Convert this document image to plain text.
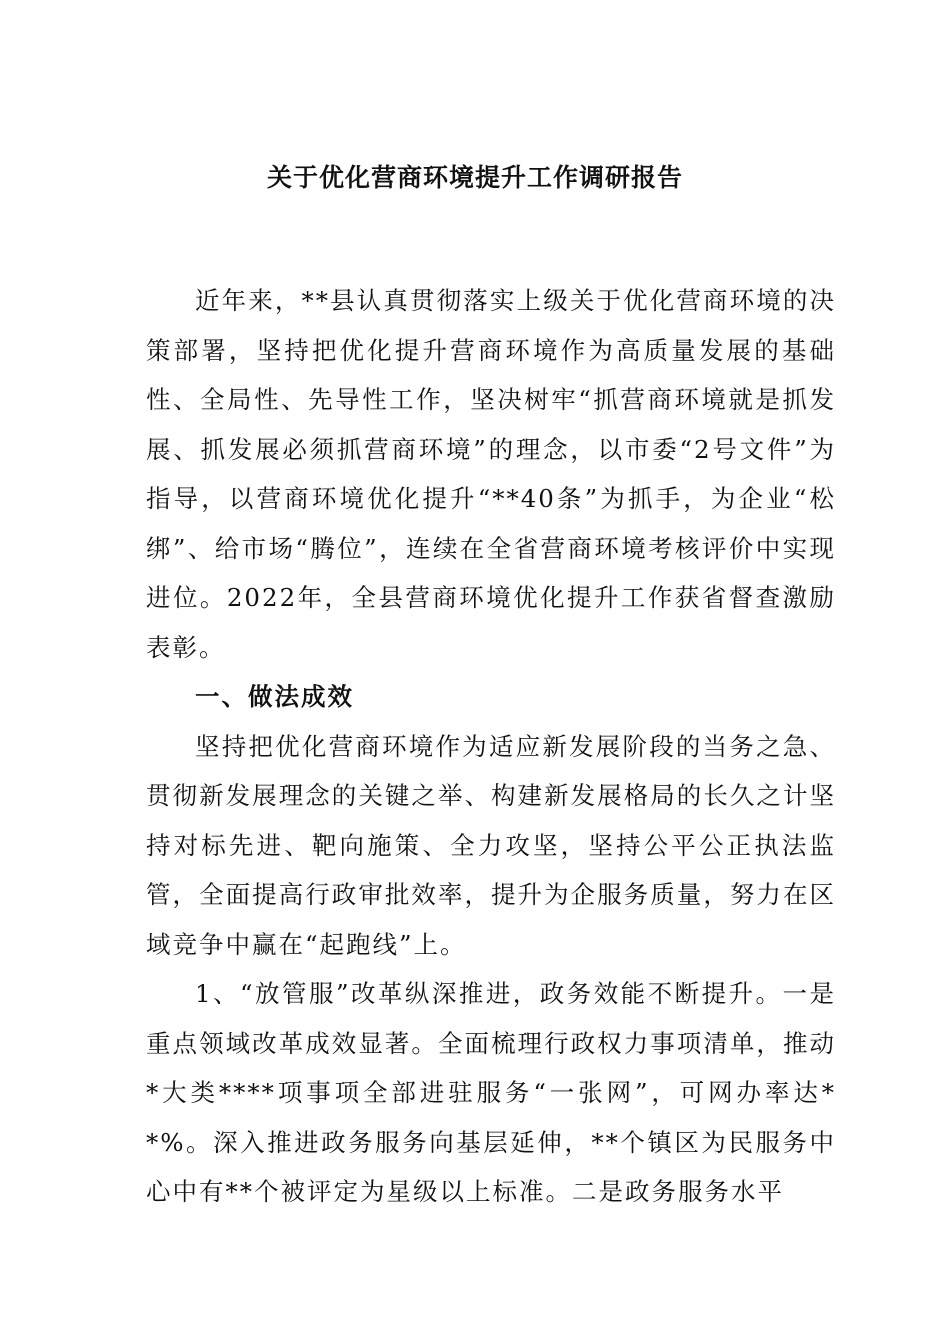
关于优化营商环境提升工作调研报告

近年来，**县认真贯彻落实上级关于优化营商环境的决策部署，坚持把优化提升营商环境作为高质量发展的基础性、全局性、先导性工作，坚决树牢“抓营商环境就是抓发展、抓发展必须抓营商环境”的理念，以市委“2号文件”为指导，以营商环境优化提升“**40条”为抓手，为企业“松绑”、给市场“腾位”，连续在全省营商环境考核评价中实现进位。2022年，全县营商环境优化提升工作获省督查激励表彰。

一、做法成效

坚持把优化营商环境作为适应新发展阶段的当务之急、贯彻新发展理念的关键之举、构建新发展格局的长久之计坚持对标先进、靶向施策、全力攻坚，坚持公平公正执法监管，全面提高行政审批效率，提升为企服务质量，努力在区域竞争中赢在“起跑线”上。

1、“放管服”改革纵深推进，政务效能不断提升。一是重点领域改革成效显著。全面梳理行政权力事项清单，推动*大类****项事项全部进驻服务“一张网”，可网办率达**%。深入推进政务服务向基层延伸，**个镇区为民服务中心中有**个被评定为星级以上标准。二是政务服务水平
